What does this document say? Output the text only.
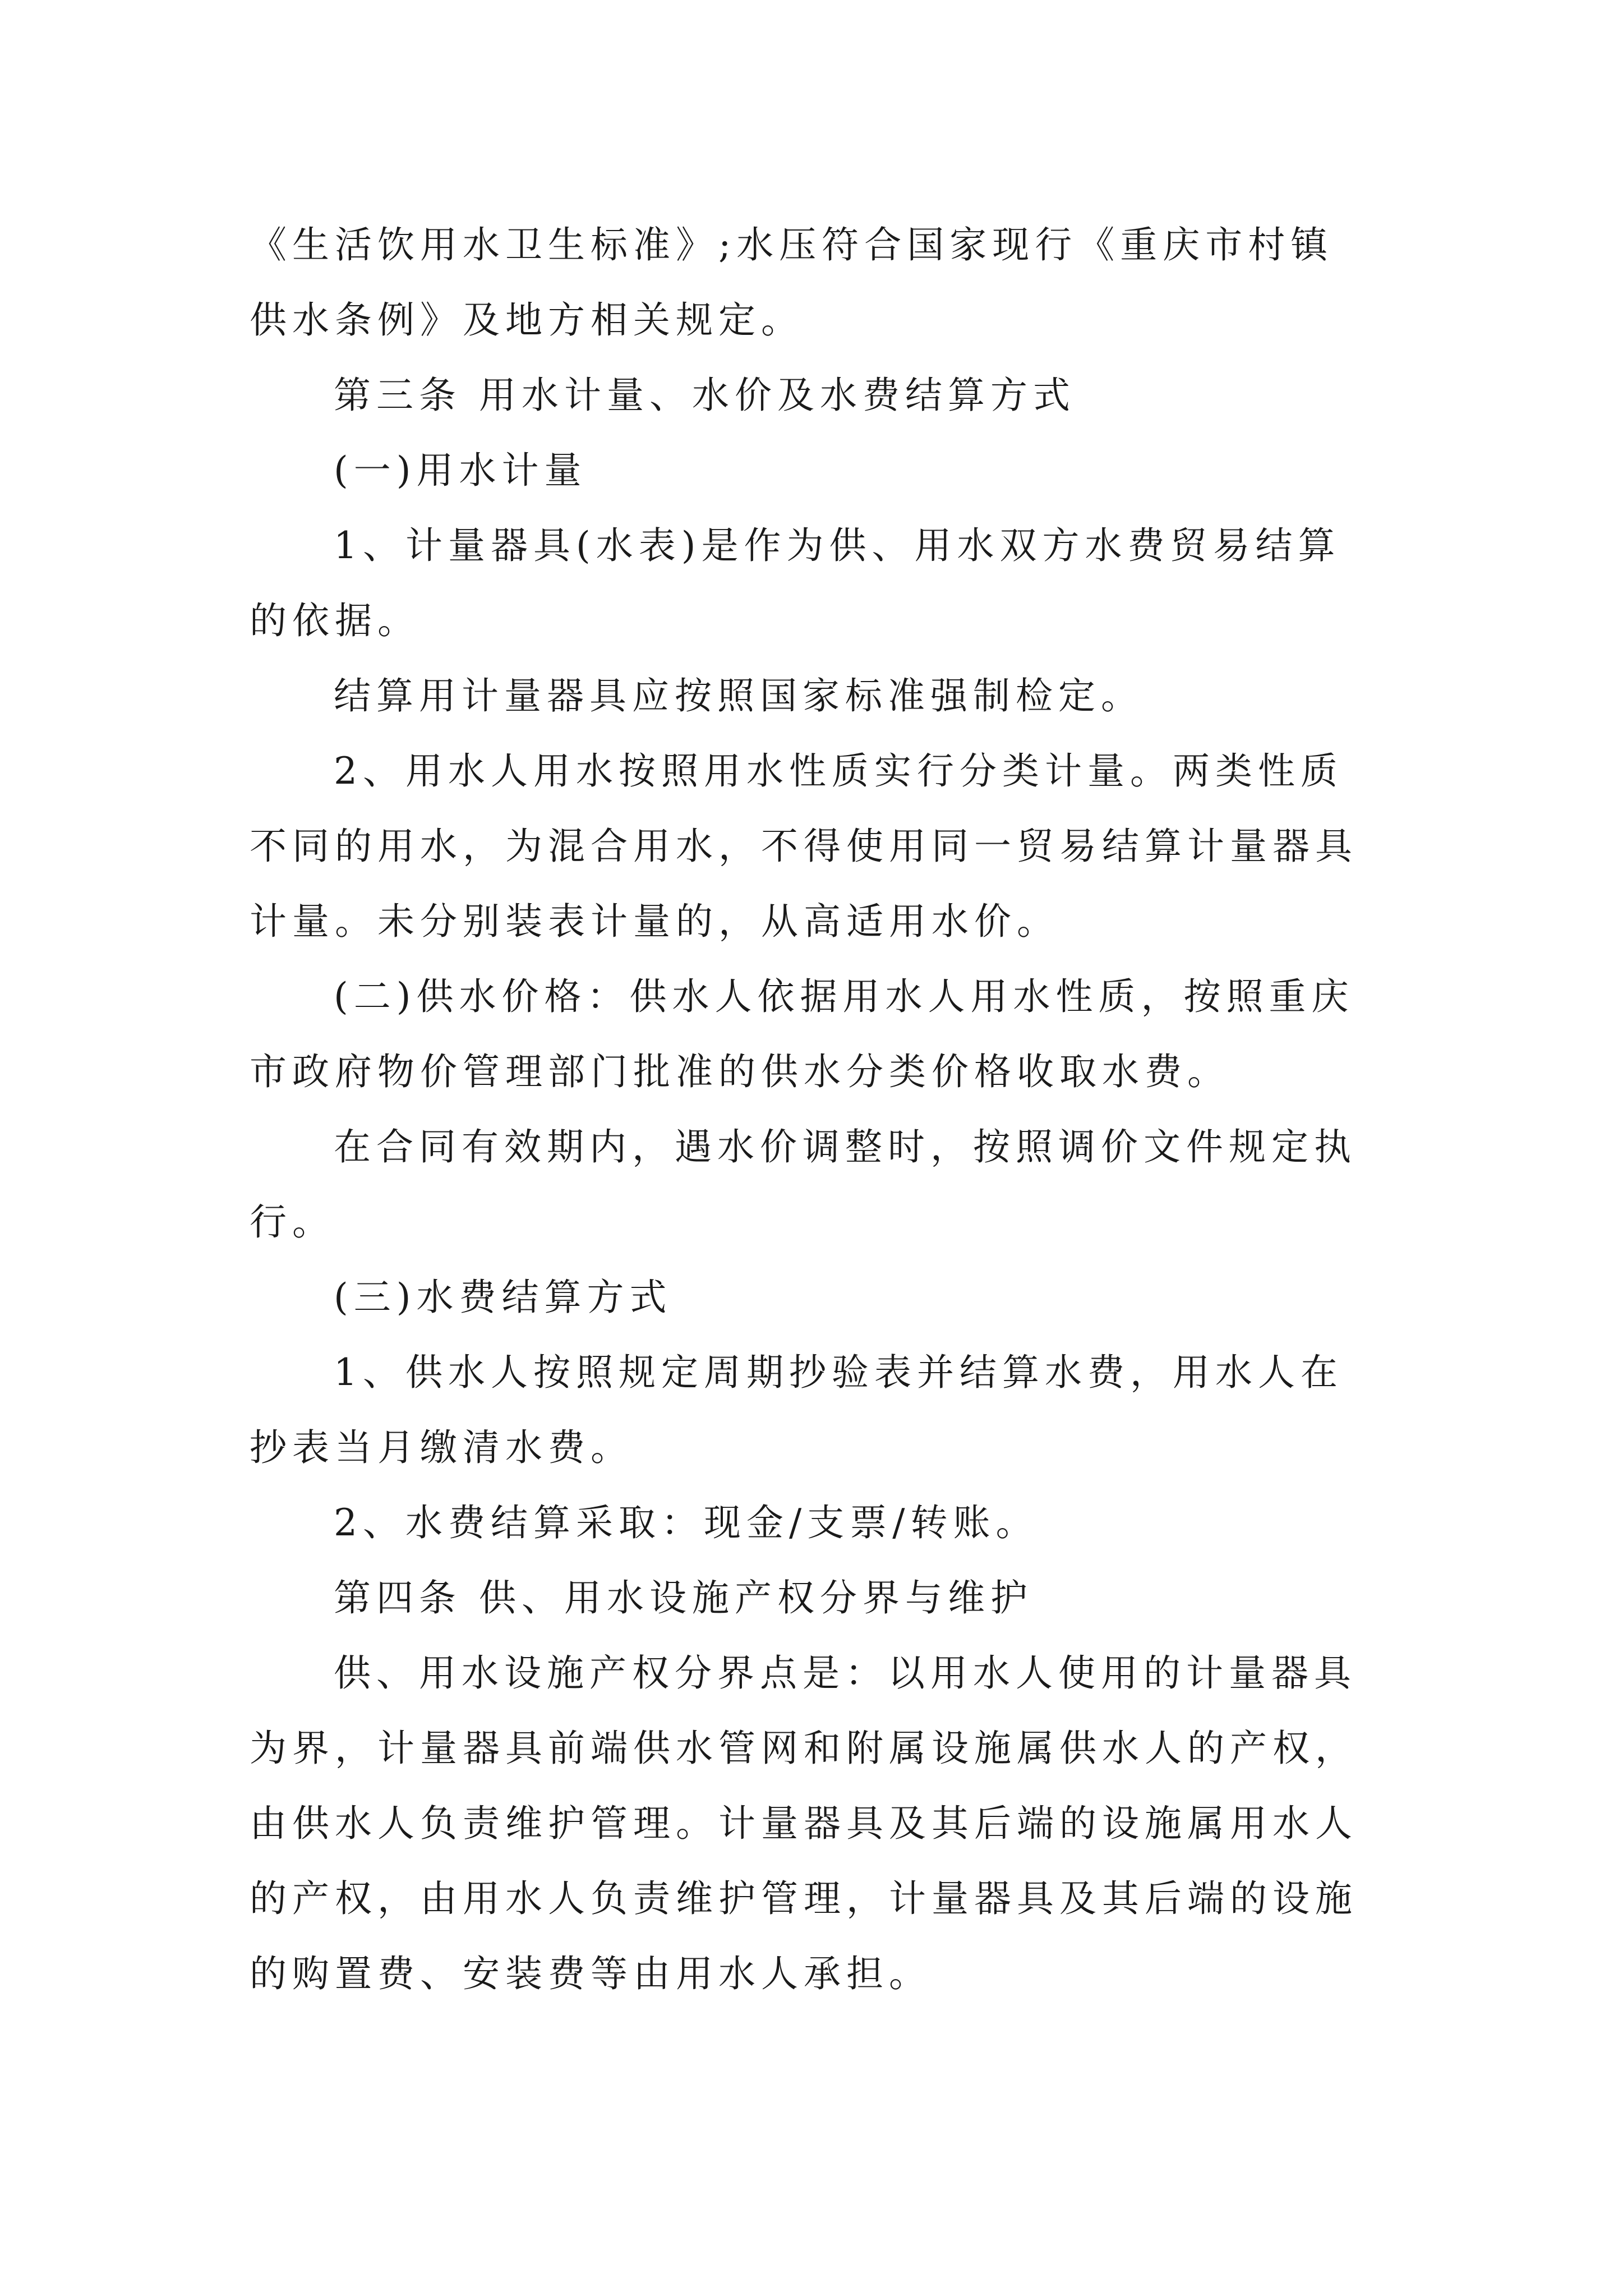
《生活饮用水卫生标准》;水压符合国家现行《重庆市村镇
供水条例》及地方相关规定。
第三条 用水计量、水价及水费结算方式
(一)用水计量
1、计量器具(水表)是作为供、用水双方水费贸易结算
的依据。
结算用计量器具应按照国家标准强制检定。
2、用水人用水按照用水性质实行分类计量。两类性质
不同的用水，为混合用水，不得使用同一贸易结算计量器具
计量。未分别装表计量的，从高适用水价。
(二)供水价格：供水人依据用水人用水性质，按照重庆
市政府物价管理部门批准的供水分类价格收取水费。
在合同有效期内，遇水价调整时，按照调价文件规定执
行。
(三)水费结算方式
1、供水人按照规定周期抄验表并结算水费，用水人在
抄表当月缴清水费。
2、水费结算采取：现金/支票/转账。
第四条 供、用水设施产权分界与维护
供、用水设施产权分界点是：以用水人使用的计量器具
为界，计量器具前端供水管网和附属设施属供水人的产权，
由供水人负责维护管理。计量器具及其后端的设施属用水人
的产权，由用水人负责维护管理，计量器具及其后端的设施
的购置费、安装费等由用水人承担。
